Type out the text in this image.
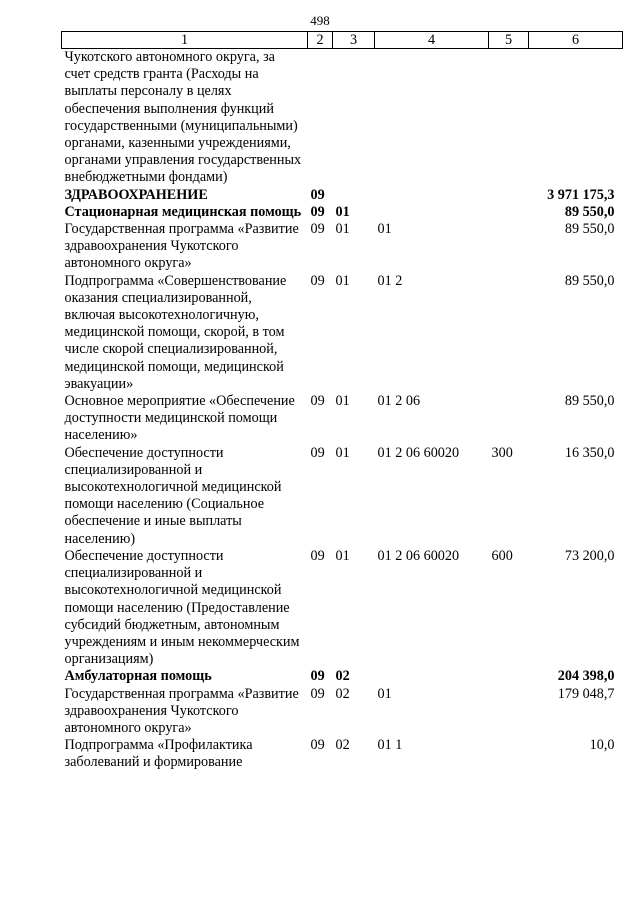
498
1	2	3	4	5	6
Чукотского автономного округа, за счет средств гранта (Расходы на выплаты персоналу в целях обеспечения выполнения функций государственными (муниципальными) органами, казенными учреждениями, органами управления государственных внебюджетными фондами)					
ЗДРАВООХРАНЕНИЕ	09				3 971 175,3
Стационарная медицинская помощь	09	01			89 550,0
Государственная программа «Развитие здравоохранения Чукотского автономного округа»	09	01	01		89 550,0
Подпрограмма «Совершенствование оказания специализированной, включая высокотехнологичную, медицинской помощи, скорой, в том числе скорой специализированной, медицинской помощи, медицинской эвакуации»	09	01	01 2		89 550,0
Основное мероприятие «Обеспечение доступности медицинской помощи населению»	09	01	01 2 06		89 550,0
Обеспечение доступности специализированной и высокотехнологичной медицинской помощи населению (Социальное обеспечение и иные выплаты населению)	09	01	01 2 06 60020	300	16 350,0
Обеспечение доступности специализированной и высокотехнологичной медицинской помощи населению (Предоставление субсидий бюджетным, автономным учреждениям и иным некоммерческим организациям)	09	01	01 2 06 60020	600	73 200,0
Амбулаторная помощь	09	02			204 398,0
Государственная программа «Развитие здравоохранения Чукотского автономного округа»	09	02	01		179 048,7
Подпрограмма «Профилактика заболеваний и формирование	09	02	01 1		10,0
